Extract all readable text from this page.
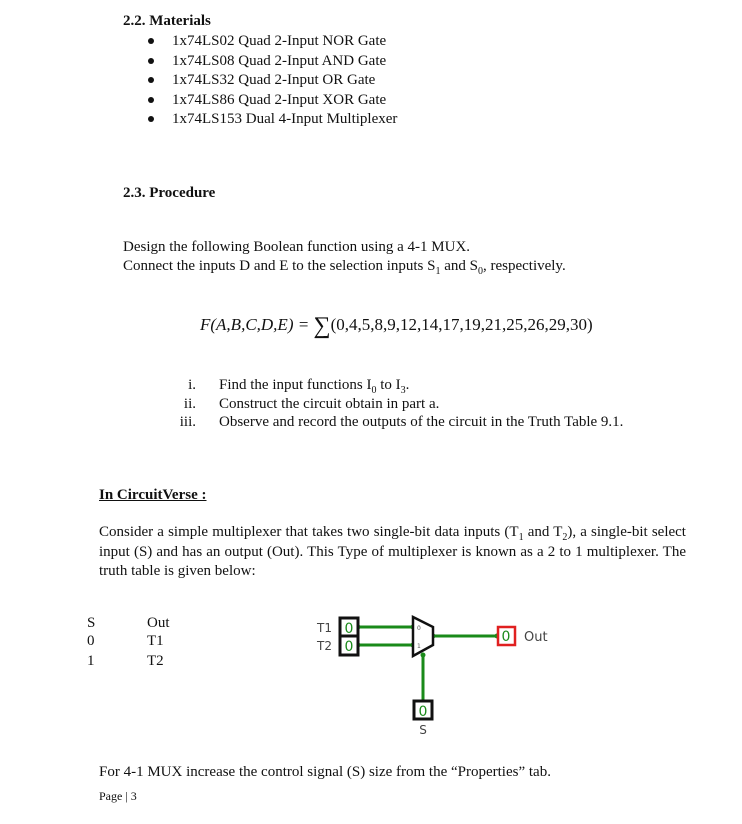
2.2. Materials
1x74LS02 Quad 2-Input NOR Gate
1x74LS08 Quad 2-Input AND Gate
1x74LS32 Quad 2-Input OR Gate
1x74LS86 Quad 2-Input XOR Gate
1x74LS153 Dual 4-Input Multiplexer
2.3. Procedure
Design the following Boolean function using a 4-1 MUX.
Connect the inputs D and E to the selection inputs $S_1$ and $S_0$, respectively.
F(A,B,C,D,E) = ∑(0,4,5,8,9,12,14,17,19,21,25,26,29,30)
i. Find the input functions $I_0$ to $I_3$.
ii. Construct the circuit obtain in part a.
iii. Observe and record the outputs of the circuit in the Truth Table 9.1.
In CircuitVerse :
Consider a simple multiplexer that takes two single-bit data inputs ($T_1$ and $T_2$), a single-bit select input (S) and has an output (Out). This Type of multiplexer is known as a 2 to 1 multiplexer. The truth table is given below:
S	Out
0	T1
1	T2
0
0
T1
T2
0
1
0 Out
0
S
For 4-1 MUX increase the control signal (S) size from the “Properties” tab.
Page | 3
